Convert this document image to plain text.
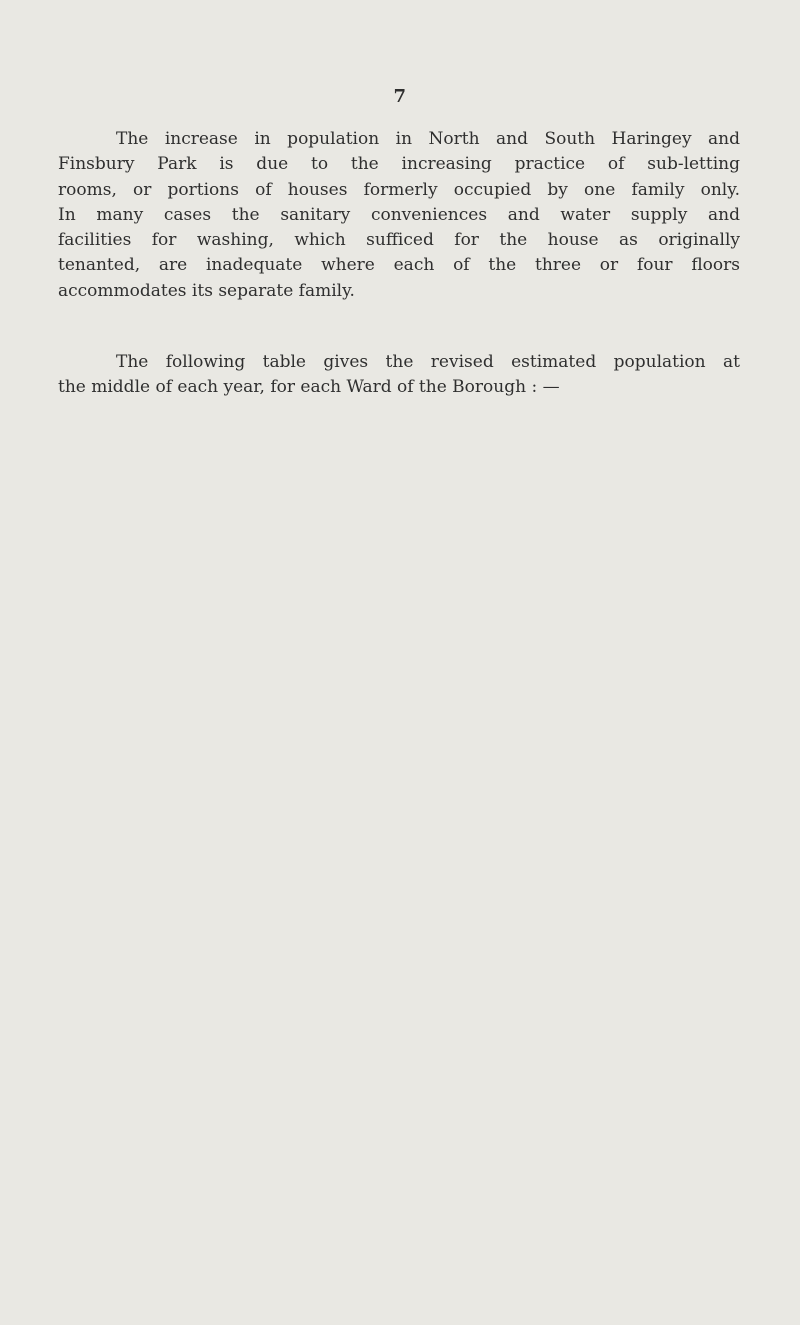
7

The increase in population in North and South Haringey and
Finsbury Park is due to the increasing practice of sub-letting
rooms, or portions of houses formerly occupied by one family only.
In many cases the sanitary conveniences and water supply and
facilities for washing, which sufficed for the house as originally
tenanted, are inadequate where each of the three or four floors
accommodates its separate family.

The following table gives the revised estimated population at
the middle of each year, for each Ward of the Borough : —
